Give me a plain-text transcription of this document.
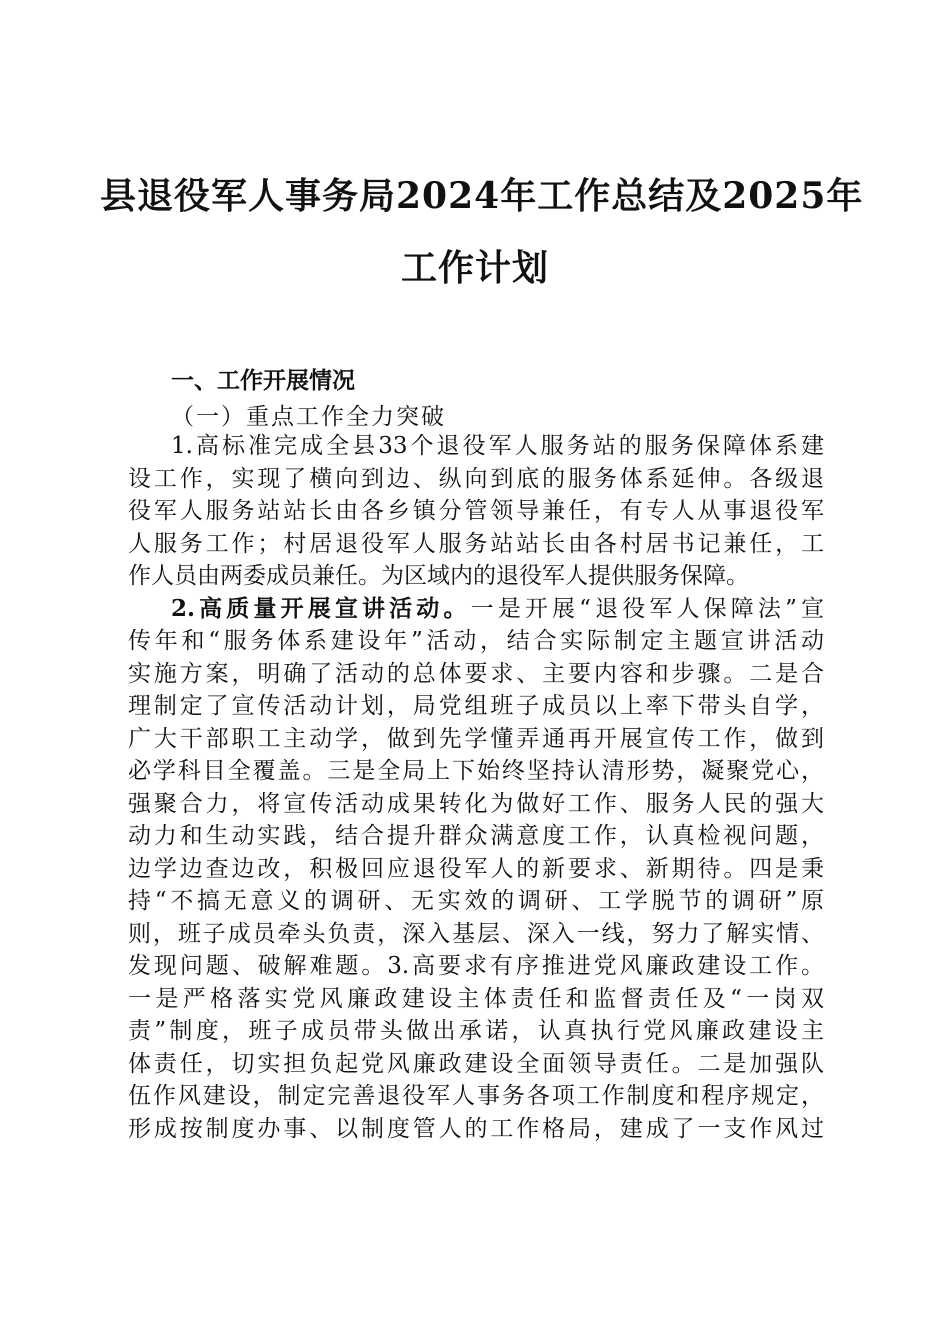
县退役军人事务局2024年工作总结及2025年
工作计划
一、工作开展情况
（一）重点工作全力突破
1.高标准完成全县33个退役军人服务站的服务保障体系建
设工作，实现了横向到边、纵向到底的服务体系延伸。各级退
役军人服务站站长由各乡镇分管领导兼任，有专人从事退役军
人服务工作；村居退役军人服务站站长由各村居书记兼任，工
作人员由两委成员兼任。为区域内的退役军人提供服务保障。
2.高质量开展宣讲活动。一是开展“退役军人保障法”宣
传年和“服务体系建设年”活动，结合实际制定主题宣讲活动
实施方案，明确了活动的总体要求、主要内容和步骤。二是合
理制定了宣传活动计划，局党组班子成员以上率下带头自学，
广大干部职工主动学，做到先学懂弄通再开展宣传工作，做到
必学科目全覆盖。三是全局上下始终坚持认清形势，凝聚党心，
强聚合力，将宣传活动成果转化为做好工作、服务人民的强大
动力和生动实践，结合提升群众满意度工作，认真检视问题，
边学边查边改，积极回应退役军人的新要求、新期待。四是秉
持“不搞无意义的调研、无实效的调研、工学脱节的调研”原
则，班子成员牵头负责，深入基层、深入一线，努力了解实情、
发现问题、破解难题。3.高要求有序推进党风廉政建设工作。
一是严格落实党风廉政建设主体责任和监督责任及“一岗双
责”制度，班子成员带头做出承诺，认真执行党风廉政建设主
体责任，切实担负起党风廉政建设全面领导责任。二是加强队
伍作风建设，制定完善退役军人事务各项工作制度和程序规定，
形成按制度办事、以制度管人的工作格局，建成了一支作风过
